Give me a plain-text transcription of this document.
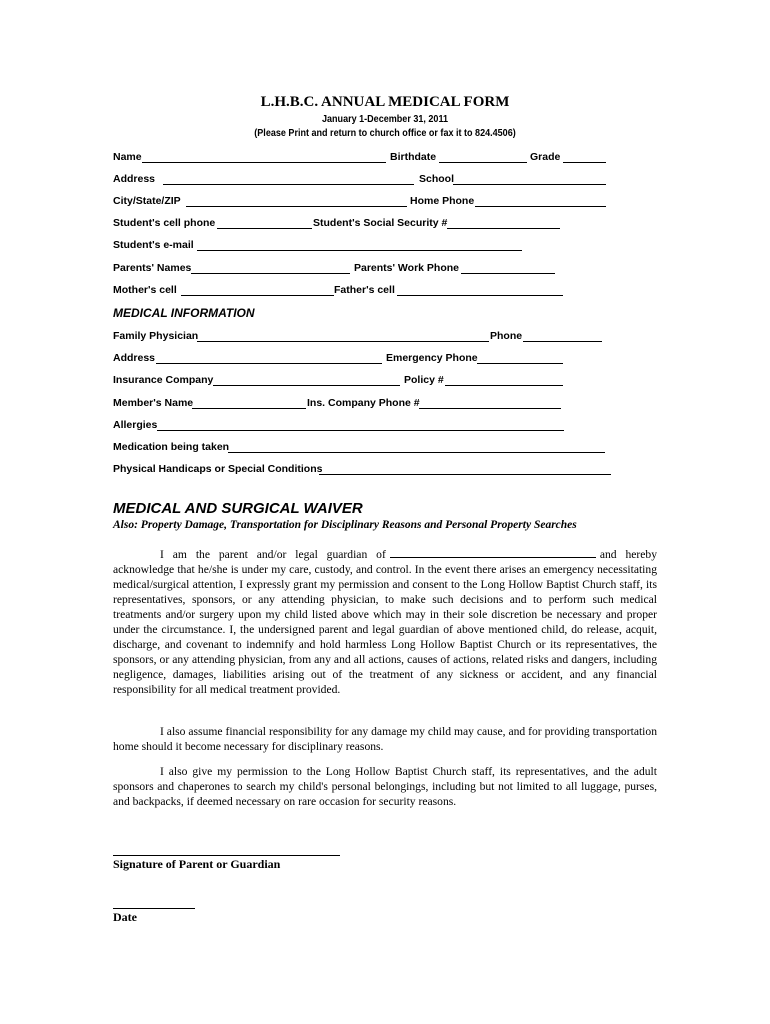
L.H.B.C. ANNUAL MEDICAL FORM
January 1-December 31, 2011
(Please Print and return to church office or fax it to 824.4506)
Name	Birthdate	Grade
Address	School
City/State/ZIP	Home Phone
Student's cell phone	Student's Social Security #
Student's e-mail
Parents' Names	Parents' Work Phone
Mother's cell	Father's cell
MEDICAL INFORMATION
Family Physician	Phone
Address	Emergency Phone
Insurance Company	Policy #
Member's Name	Ins. Company Phone #
Allergies
Medication being taken
Physical Handicaps or Special Conditions
MEDICAL AND SURGICAL WAIVER
Also: Property Damage, Transportation for Disciplinary Reasons and Personal Property Searches

I am the parent and/or legal guardian of	and hereby acknowledge that he/she is under my care, custody, and control. In the event there arises an emergency necessitating medical/surgical attention, I expressly grant my permission and consent to the Long Hollow Baptist Church staff, its representatives, sponsors, or any attending physician, to make such decisions and to perform such medical treatments and/or surgery upon my child listed above which may in their sole discretion be necessary and proper under the circumstance. I, the undersigned parent and legal guardian of above mentioned child, do release, acquit, discharge, and covenant to indemnify and hold harmless Long Hollow Baptist Church or its representatives, the sponsors, or any attending physician, from any and all actions, causes of actions, related risks and dangers, including negligence, damages, liabilities arising out of the treatment of any sickness or accident, and any financial responsibility for all medical treatment provided.

I also assume financial responsibility for any damage my child may cause, and for providing transportation home should it become necessary for disciplinary reasons.

I also give my permission to the Long Hollow Baptist Church staff, its representatives, and the adult sponsors and chaperones to search my child's personal belongings, including but not limited to all luggage, purses, and backpacks, if deemed necessary on rare occasion for security reasons.

Signature of Parent or Guardian
Date
